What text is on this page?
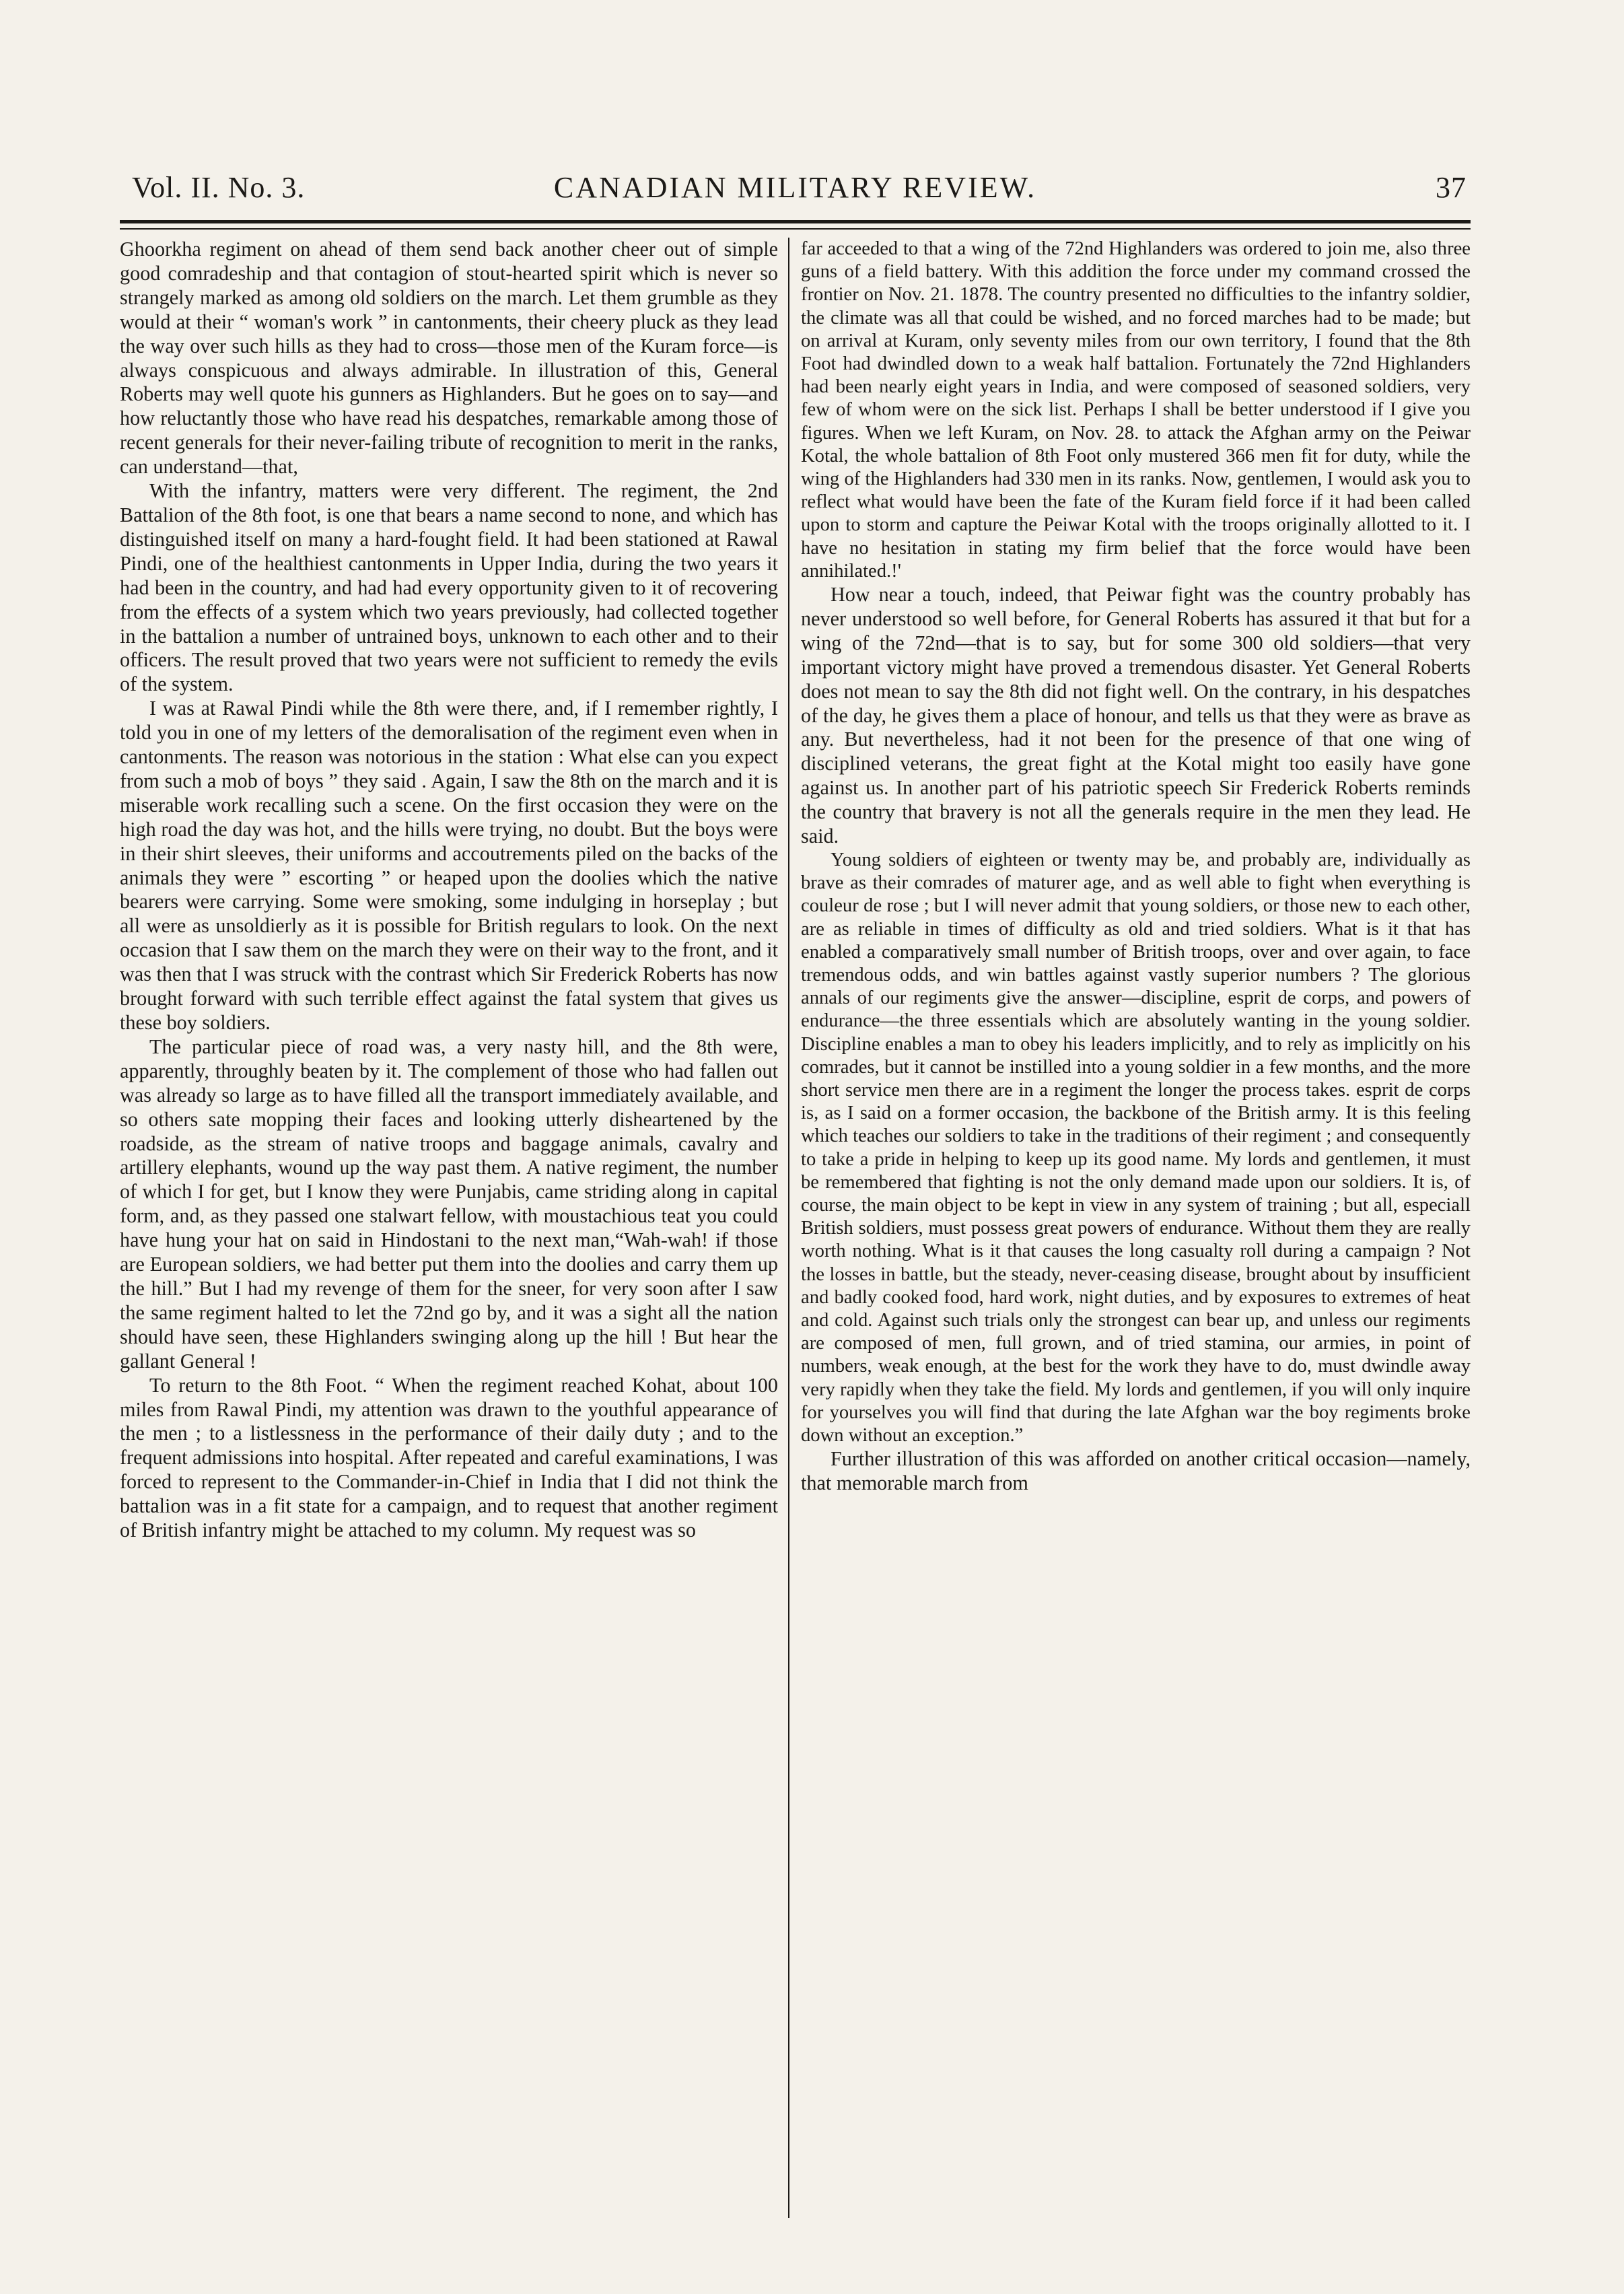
Vol. II. No. 3.	CANADIAN MILITARY REVIEW.	37

Ghoorkha regiment on ahead of them send back another cheer out of simple good comradeship and that contagion of stout-hearted spirit which is never so strangely marked as among old soldiers on the march. Let them grumble as they would at their “ woman's work ” in cantonments, their cheery pluck as they lead the way over such hills as they had to cross—those men of the Kuram force—is always conspicuous and always admirable. In illustration of this, General Roberts may well quote his gunners as Highlanders. But he goes on to say—and how reluctantly those who have read his despatches, remarkable among those of recent generals for their never-failing tribute of recognition to merit in the ranks, can understand—that,

With the infantry, matters were very different. The regiment, the 2nd Battalion of the 8th foot, is one that bears a name second to none, and which has distinguished itself on many a hard-fought field. It had been stationed at Rawal Pindi, one of the healthiest cantonments in Upper India, during the two years it had been in the country, and had had every opportunity given to it of recovering from the effects of a system which two years previously, had collected together in the battalion a number of untrained boys, unknown to each other and to their officers. The result proved that two years were not sufficient to remedy the evils of the system.

I was at Rawal Pindi while the 8th were there, and, if I remember rightly, I told you in one of my letters of the demoralisation of the regiment even when in cantonments. The reason was notorious in the station : What else can you expect from such a mob of boys ” they said . Again, I saw the 8th on the march and it is miserable work recalling such a scene. On the first occasion they were on the high road the day was hot, and the hills were trying, no doubt. But the boys were in their shirt sleeves, their uniforms and accoutrements piled on the backs of the animals they were ” escorting ” or heaped upon the doolies which the native bearers were carrying. Some were smoking, some indulging in horseplay ; but all were as unsoldierly as it is possible for British regulars to look. On the next occasion that I saw them on the march they were on their way to the front, and it was then that I was struck with the contrast which Sir Frederick Roberts has now brought forward with such terrible effect against the fatal system that gives us these boy soldiers.

The particular piece of road was, a very nasty hill, and the 8th were, apparently, throughly beaten by it. The complement of those who had fallen out was already so large as to have filled all the transport immediately available, and so others sate mopping their faces and looking utterly disheartened by the roadside, as the stream of native troops and baggage animals, cavalry and artillery elephants, wound up the way past them. A native regiment, the number of which I for get, but I know they were Punjabis, came striding along in capital form, and, as they passed one stalwart fellow, with moustachious teat you could have hung your hat on said in Hindostani to the next man,“Wah-wah! if those are European soldiers, we had better put them into the doolies and carry them up the hill.” But I had my revenge of them for the sneer, for very soon after I saw the same regiment halted to let the 72nd go by, and it was a sight all the nation should have seen, these Highlanders swinging along up the hill ! But hear the gallant General !

To return to the 8th Foot. “ When the regiment reached Kohat, about 100 miles from Rawal Pindi, my attention was drawn to the youthful appearance of the men ; to a listlessness in the performance of their daily duty ; and to the frequent admissions into hospital. After repeated and careful examinations, I was forced to represent to the Commander-in-Chief in India that I did not think the battalion was in a fit state for a campaign, and to request that another regiment of British infantry might be attached to my column. My request was so

far acceeded to that a wing of the 72nd Highlanders was ordered to join me, also three guns of a field battery. With this addition the force under my command crossed the frontier on Nov. 21. 1878. The country presented no difficulties to the infantry soldier, the climate was all that could be wished, and no forced marches had to be made; but on arrival at Kuram, only seventy miles from our own territory, I found that the 8th Foot had dwindled down to a weak half battalion. Fortunately the 72nd Highlanders had been nearly eight years in India, and were composed of seasoned soldiers, very few of whom were on the sick list. Perhaps I shall be better understood if I give you figures. When we left Kuram, on Nov. 28. to attack the Afghan army on the Peiwar Kotal, the whole battalion of 8th Foot only mustered 366 men fit for duty, while the wing of the Highlanders had 330 men in its ranks. Now, gentlemen, I would ask you to reflect what would have been the fate of the Kuram field force if it had been called upon to storm and capture the Peiwar Kotal with the troops originally allotted to it. I have no hesitation in stating my firm belief that the force would have been annihilated.!'

How near a touch, indeed, that Peiwar fight was the country probably has never understood so well before, for General Roberts has assured it that but for a wing of the 72nd—that is to say, but for some 300 old soldiers—that very important victory might have proved a tremendous disaster. Yet General Roberts does not mean to say the 8th did not fight well. On the contrary, in his despatches of the day, he gives them a place of honour, and tells us that they were as brave as any. But nevertheless, had it not been for the presence of that one wing of disciplined veterans, the great fight at the Kotal might too easily have gone against us. In another part of his patriotic speech Sir Frederick Roberts reminds the country that bravery is not all the generals require in the men they lead. He said.

Young soldiers of eighteen or twenty may be, and probably are, individually as brave as their comrades of maturer age, and as well able to fight when everything is couleur de rose ; but I will never admit that young soldiers, or those new to each other, are as reliable in times of difficulty as old and tried soldiers. What is it that has enabled a comparatively small number of British troops, over and over again, to face tremendous odds, and win battles against vastly superior numbers ? The glorious annals of our regiments give the answer—discipline, esprit de corps, and powers of endurance—the three essentials which are absolutely wanting in the young soldier. Discipline enables a man to obey his leaders implicitly, and to rely as implicitly on his comrades, but it cannot be instilled into a young soldier in a few months, and the more short service men there are in a regiment the longer the process takes. esprit de corps is, as I said on a former occasion, the backbone of the British army. It is this feeling which teaches our soldiers to take in the traditions of their regiment ; and consequently to take a pride in helping to keep up its good name. My lords and gentlemen, it must be remembered that fighting is not the only demand made upon our soldiers. It is, of course, the main object to be kept in view in any system of training ; but all, especiall British soldiers, must possess great powers of endurance. Without them they are really worth nothing. What is it that causes the long casualty roll during a campaign ? Not the losses in battle, but the steady, never-ceasing disease, brought about by insufficient and badly cooked food, hard work, night duties, and by exposures to extremes of heat and cold. Against such trials only the strongest can bear up, and unless our regiments are composed of men, full grown, and of tried stamina, our armies, in point of numbers, weak enough, at the best for the work they have to do, must dwindle away very rapidly when they take the field. My lords and gentlemen, if you will only inquire for yourselves you will find that during the late Afghan war the boy regiments broke down without an exception.”

Further illustration of this was afforded on another critical occasion—namely, that memorable march from
